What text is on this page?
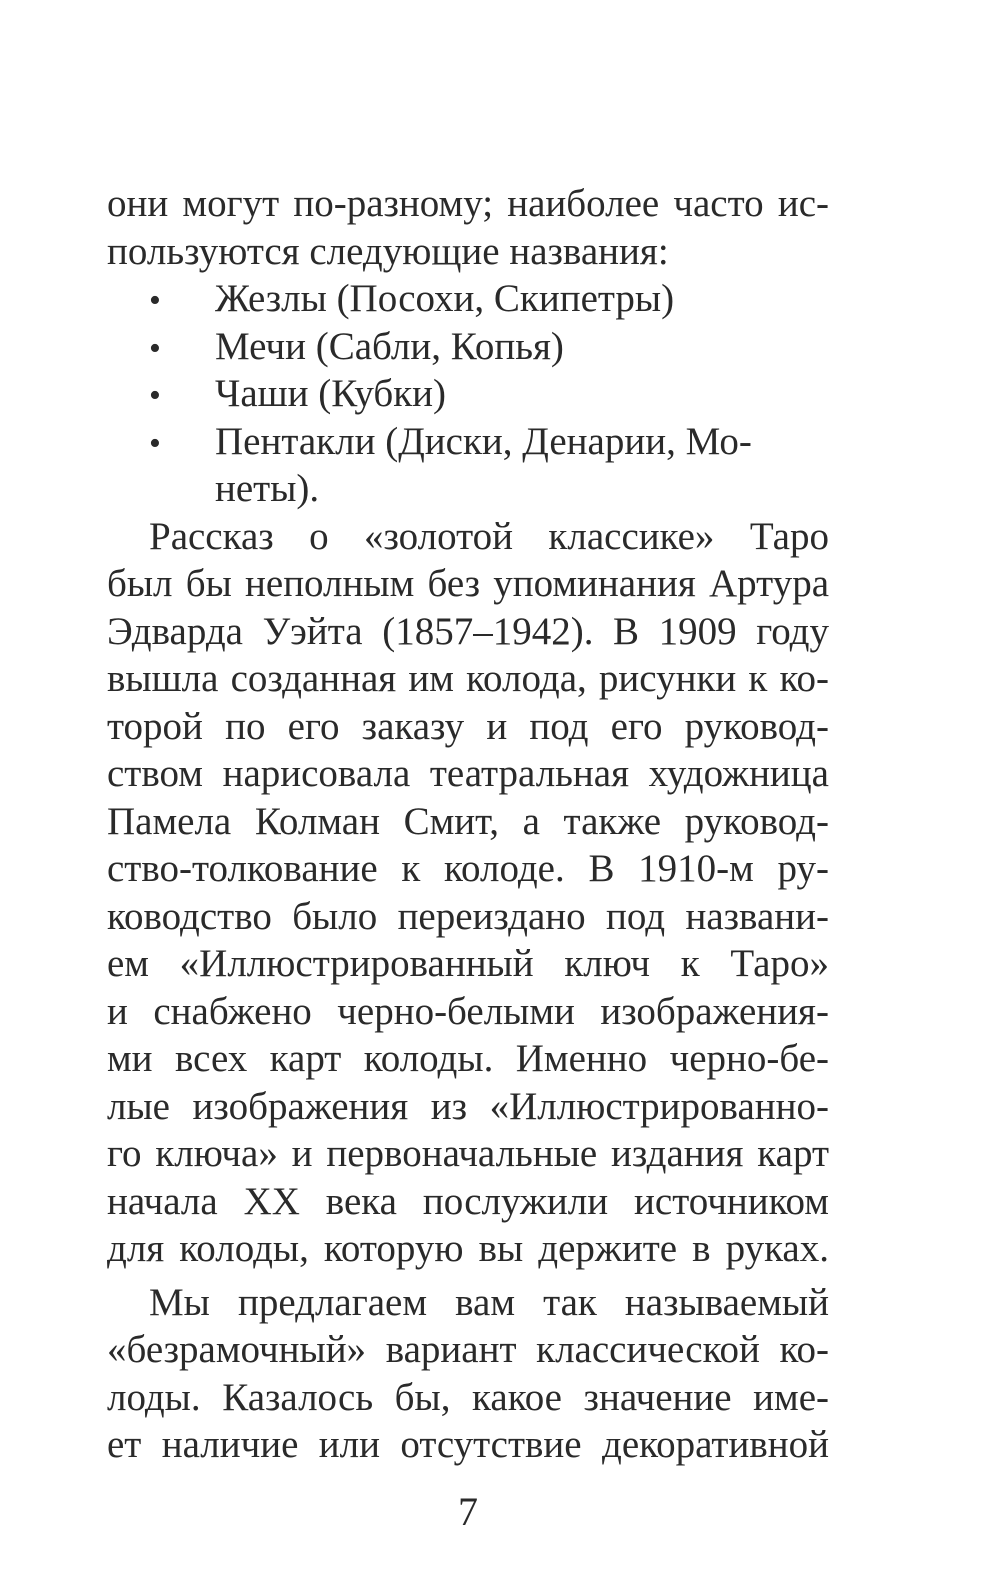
они могут по-разному; наиболее часто ис-
пользуются следующие названия:
•	Жезлы (Посохи, Скипетры)
•	Мечи (Сабли, Копья)
•	Чаши (Кубки)
•	Пентакли (Диски, Денарии, Мо-
неты).
Рассказ о «золотой классике» Таро
был бы неполным без упоминания Артура
Эдварда Уэйта (1857–1942). В 1909 году
вышла созданная им колода, рисунки к ко-
торой по его заказу и под его руковод-
ством нарисовала театральная художница
Памела Колман Смит, а также руковод-
ство-толкование к колоде. В 1910-м ру-
ководство было переиздано под названи-
ем «Иллюстрированный ключ к Таро»
и снабжено черно-белыми изображения-
ми всех карт колоды. Именно черно-бе-
лые изображения из «Иллюстрированно-
го ключа» и первоначальные издания карт
начала XX века послужили источником
для колоды, которую вы держите в руках.
Мы предлагаем вам так называемый
«безрамочный» вариант классической ко-
лоды. Казалось бы, какое значение име-
ет наличие или отсутствие декоративной
7
